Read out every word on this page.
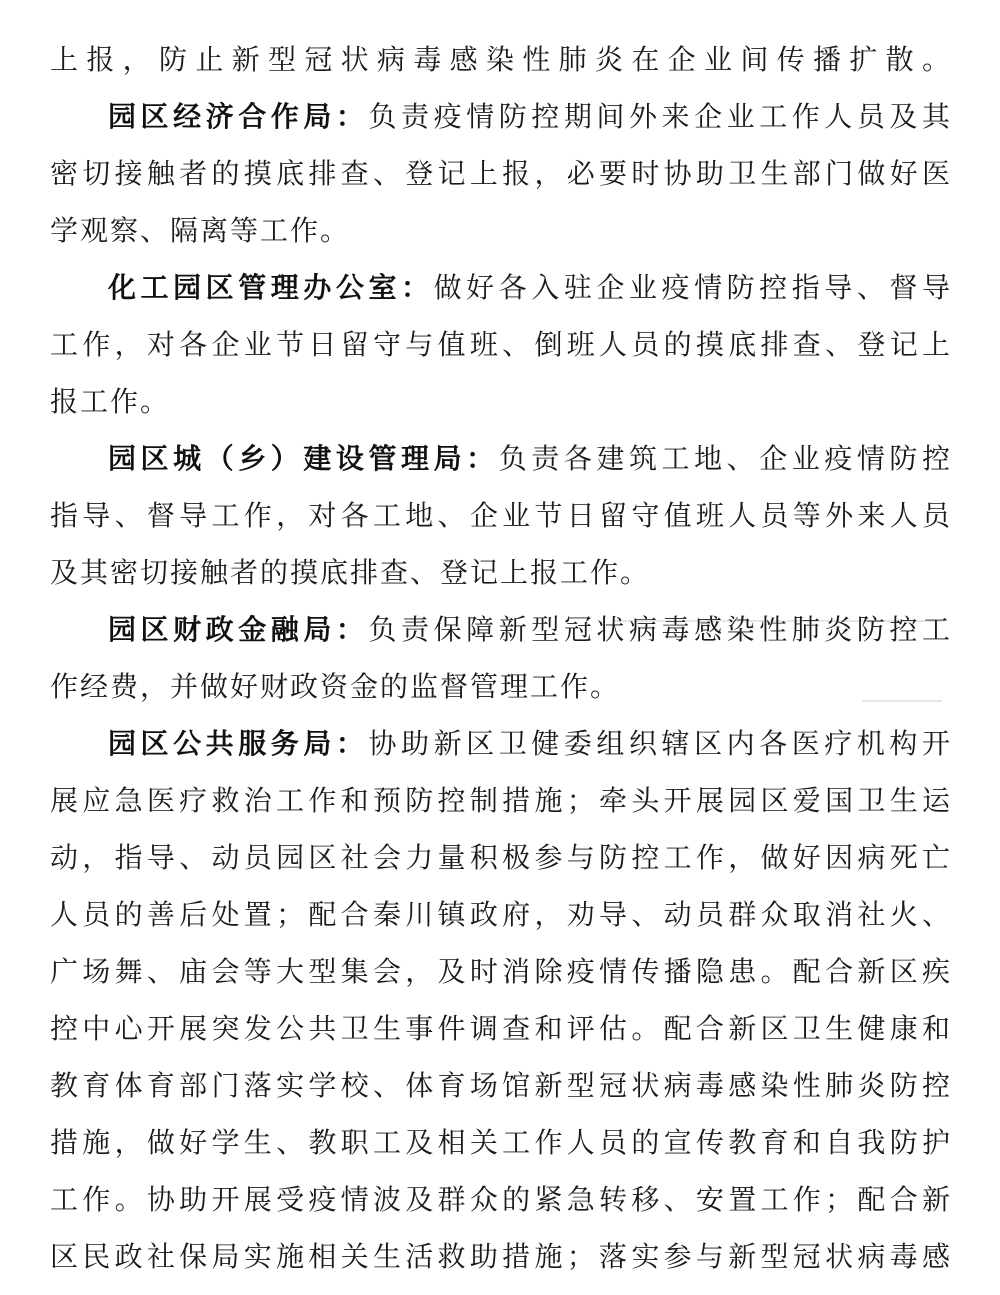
上报，防止新型冠状病毒感染性肺炎在企业间传播扩散。
园区经济合作局：负责疫情防控期间外来企业工作人员及其
密切接触者的摸底排查、登记上报，必要时协助卫生部门做好医
学观察、隔离等工作。
化工园区管理办公室：做好各入驻企业疫情防控指导、督导
工作，对各企业节日留守与值班、倒班人员的摸底排查、登记上
报工作。
园区城（乡）建设管理局：负责各建筑工地、企业疫情防控
指导、督导工作，对各工地、企业节日留守值班人员等外来人员
及其密切接触者的摸底排查、登记上报工作。
园区财政金融局：负责保障新型冠状病毒感染性肺炎防控工
作经费，并做好财政资金的监督管理工作。
园区公共服务局：协助新区卫健委组织辖区内各医疗机构开
展应急医疗救治工作和预防控制措施；牵头开展园区爱国卫生运
动，指导、动员园区社会力量积极参与防控工作，做好因病死亡
人员的善后处置；配合秦川镇政府，劝导、动员群众取消社火、
广场舞、庙会等大型集会，及时消除疫情传播隐患。配合新区疾
控中心开展突发公共卫生事件调查和评估。配合新区卫生健康和
教育体育部门落实学校、体育场馆新型冠状病毒感染性肺炎防控
措施，做好学生、教职工及相关工作人员的宣传教育和自我防护
工作。协助开展受疫情波及群众的紧急转移、安置工作；配合新
区民政社保局实施相关生活救助措施；落实参与新型冠状病毒感
